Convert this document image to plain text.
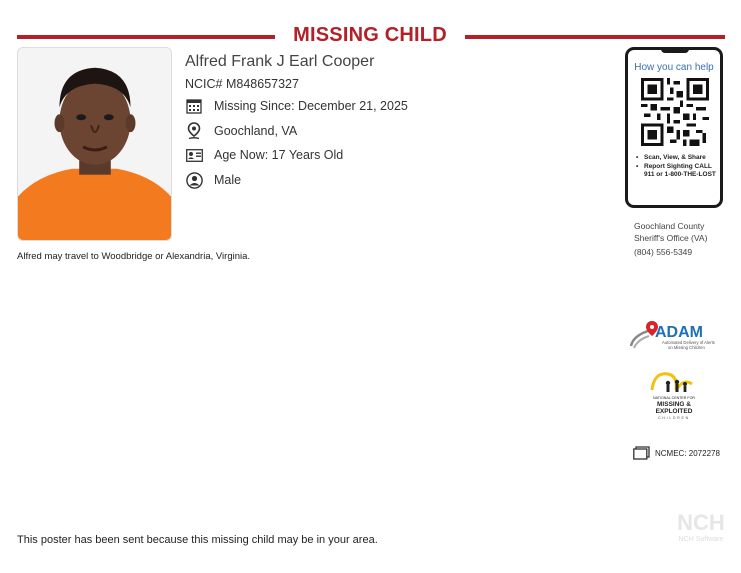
MISSING CHILD
Alfred Frank J Earl Cooper
NCIC# M848657327
Missing Since: December 21, 2025
Goochland, VA
Age Now: 17 Years Old
Male
Alfred may travel to Woodbridge or Alexandria, Virginia.
How you can help
• Scan, View, & Share
• Report Sighting CALL 911 or 1-800-THE-LOST
Goochland County
Sheriff's Office (VA)
(804) 556-5349
ADAM
Automated Delivery of Alerts
on Missing Children
NATIONAL CENTER FOR
MISSING &
EXPLOITED
CHILDREN
NCMEC: 2072278
This poster has been sent because this missing child may be in your area.
NCH
NCH Software
